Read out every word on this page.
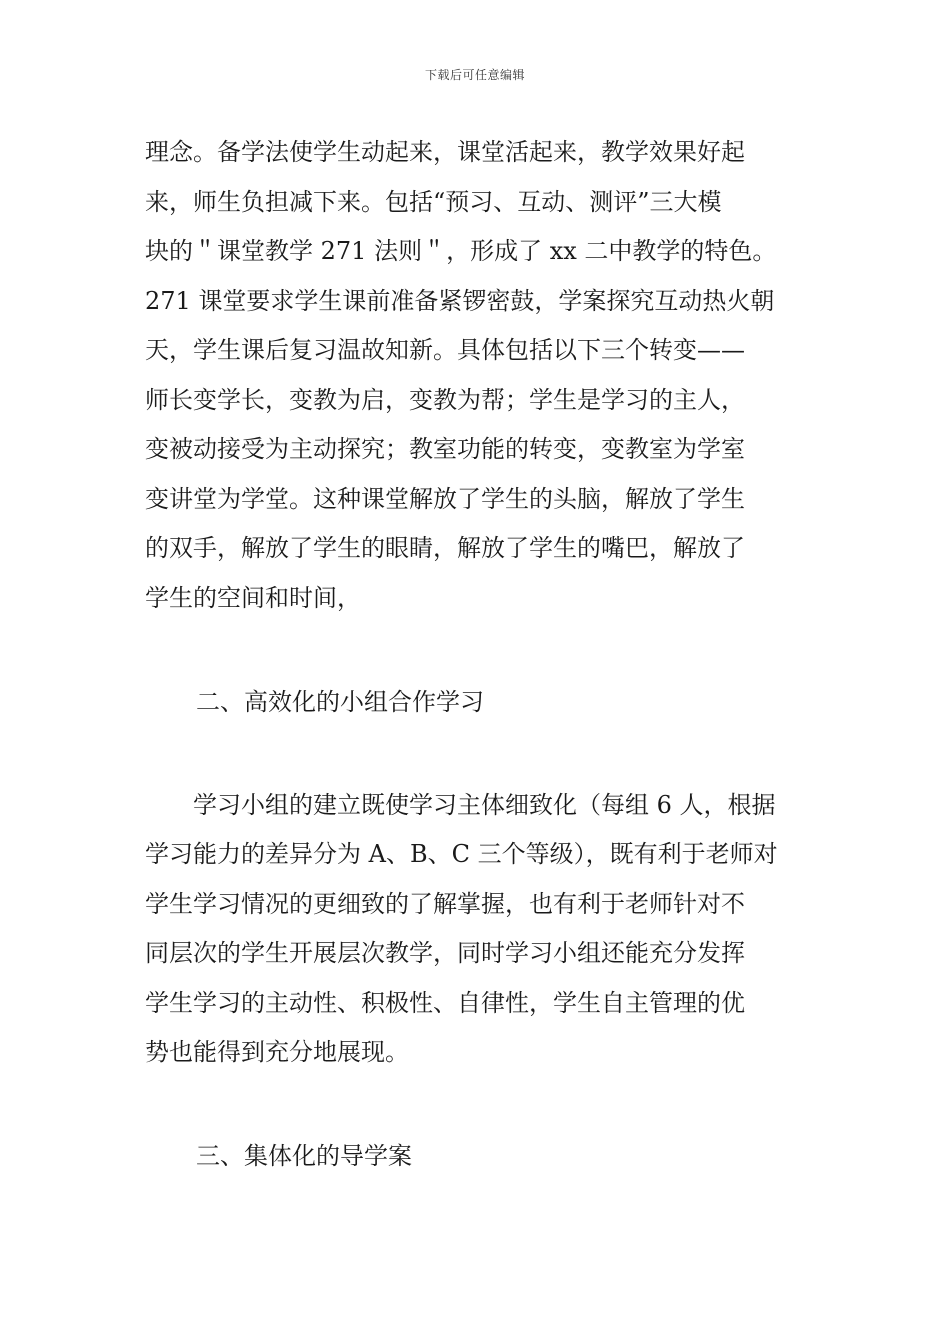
下载后可任意编辑

理念。备学法使学生动起来，课堂活起来，教学效果好起
来，师生负担减下来。包括“预习、互动、测评”三大模
块的＂课堂教学 271 法则＂，形成了 xx 二中教学的特色。
271 课堂要求学生课前准备紧锣密鼓，学案探究互动热火朝
天，学生课后复习温故知新。具体包括以下三个转变——
师长变学长，变教为启，变教为帮；学生是学习的主人，
变被动接受为主动探究；教室功能的转变，变教室为学室
变讲堂为学堂。这种课堂解放了学生的头脑，解放了学生
的双手，解放了学生的眼睛，解放了学生的嘴巴，解放了
学生的空间和时间，

二、高效化的小组合作学习

　　学习小组的建立既使学习主体细致化（每组 6 人，根据
学习能力的差异分为 A、B、C 三个等级），既有利于老师对
学生学习情况的更细致的了解掌握，也有利于老师针对不
同层次的学生开展层次教学，同时学习小组还能充分发挥
学生学习的主动性、积极性、自律性，学生自主管理的优
势也能得到充分地展现。

三、集体化的导学案
